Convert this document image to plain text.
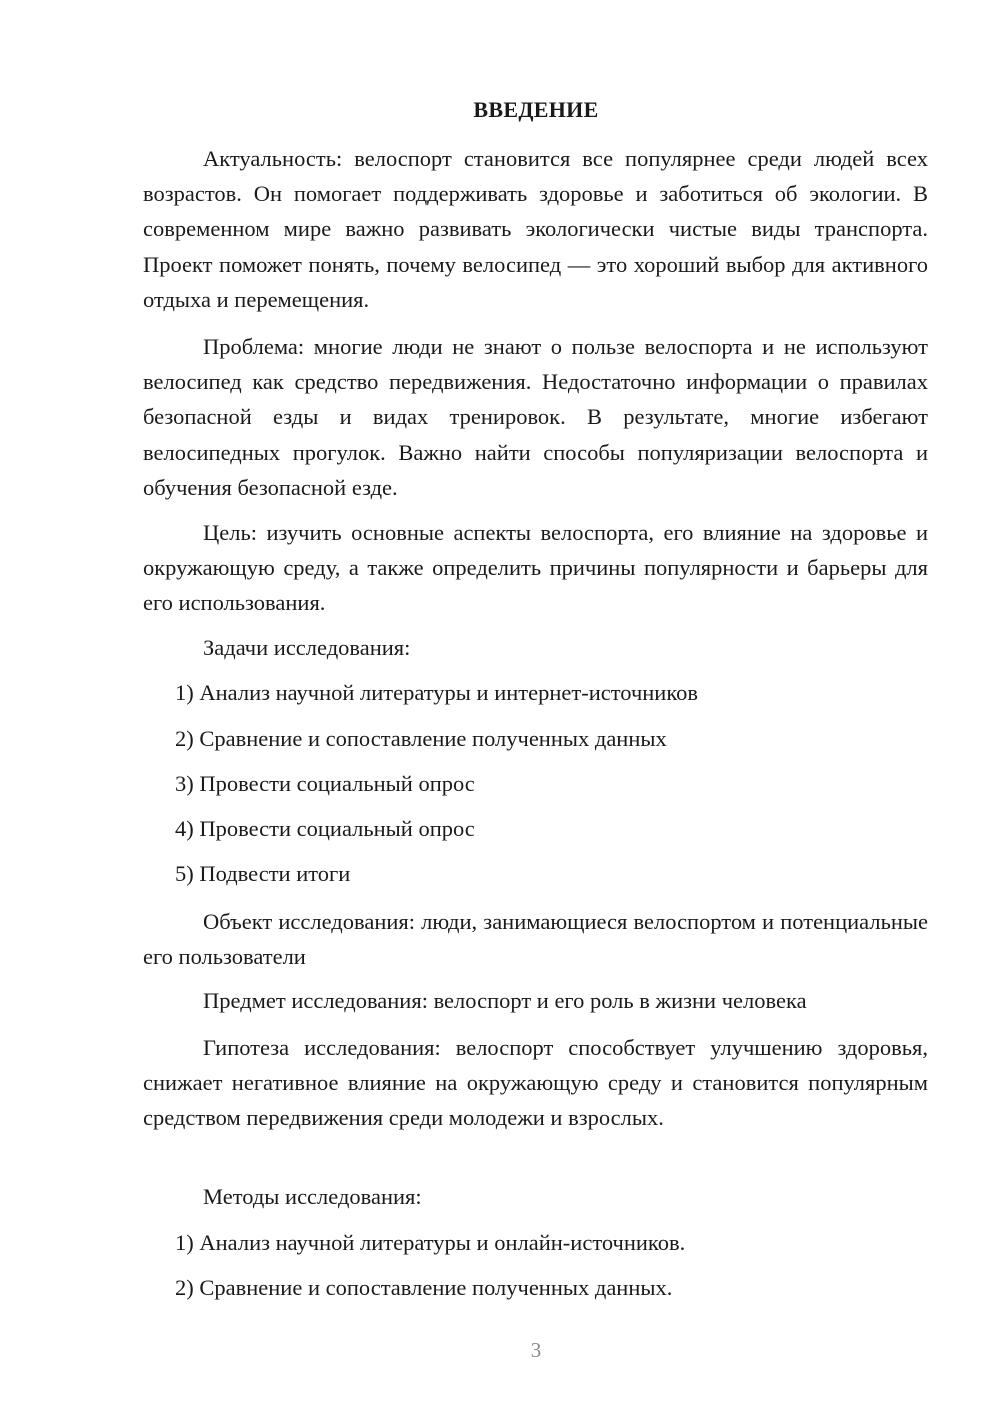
ВВЕДЕНИЕ

Актуальность: велоспорт становится все популярнее среди людей всех возрастов. Он помогает поддерживать здоровье и заботиться об экологии. В современном мире важно развивать экологически чистые виды транспорта. Проект поможет понять, почему велосипед — это хороший выбор для активного отдыха и перемещения.

Проблема: многие люди не знают о пользе велоспорта и не используют велосипед как средство передвижения. Недостаточно информации о правилах безопасной езды и видах тренировок. В результате, многие избегают велосипедных прогулок. Важно найти способы популяризации велоспорта и обучения безопасной езде.

Цель: изучить основные аспекты велоспорта, его влияние на здоровье и окружающую среду, а также определить причины популярности и барьеры для его использования.

Задачи исследования:

1) Анализ научной литературы и интернет-источников

2) Сравнение и сопоставление полученных данных

3) Провести социальный опрос

4) Провести социальный опрос

5) Подвести итоги

Объект исследования: люди, занимающиеся велоспортом и потенциальные его пользователи

Предмет исследования: велоспорт и его роль в жизни человека

Гипотеза исследования: велоспорт способствует улучшению здоровья, снижает негативное влияние на окружающую среду и становится популярным средством передвижения среди молодежи и взрослых.

Методы исследования:

1) Анализ научной литературы и онлайн-источников.

2) Сравнение и сопоставление полученных данных.

3
